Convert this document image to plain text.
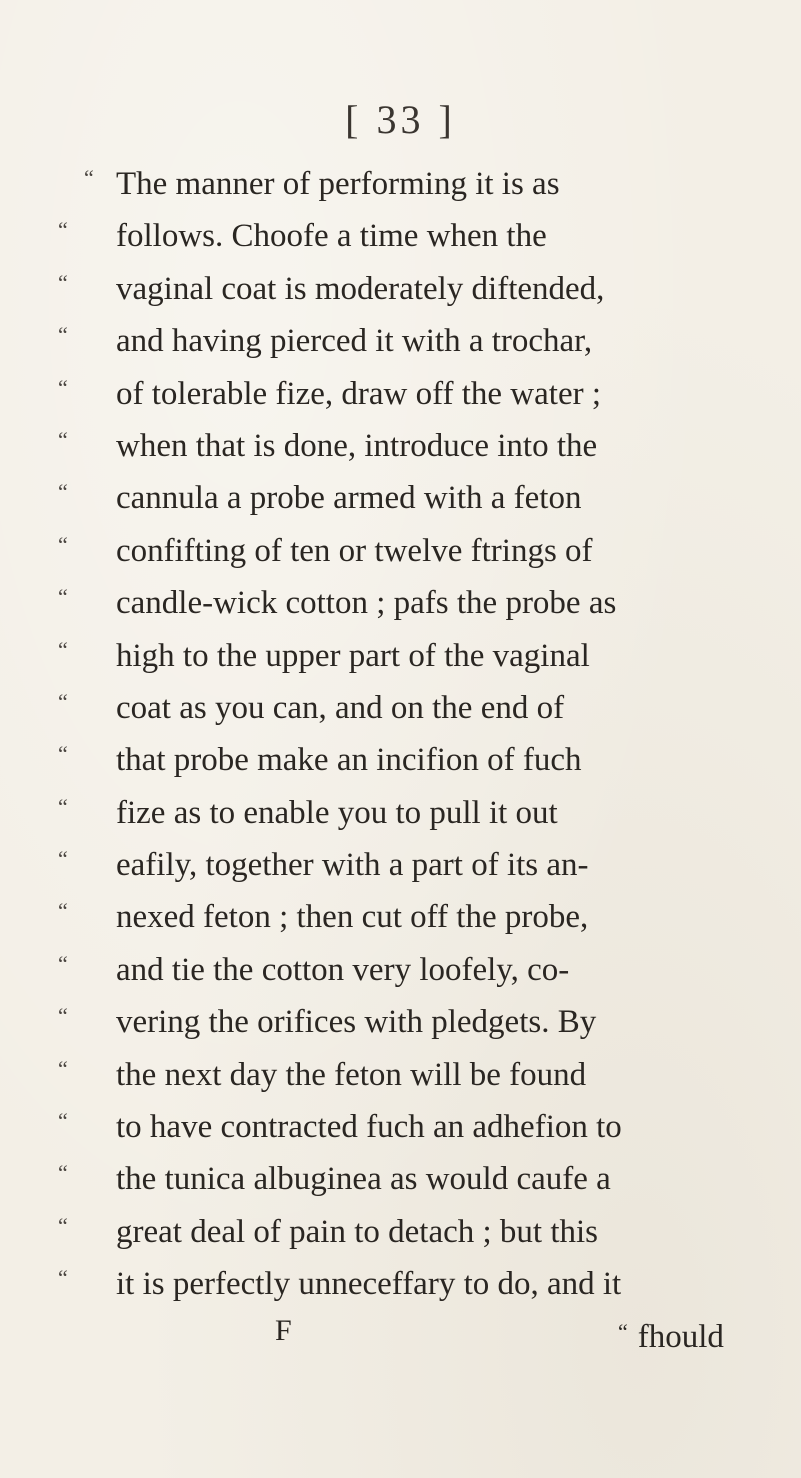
[ 33 ]
“ The manner of performing it is as
“ follows. Choofe a time when the
“ vaginal coat is moderately diftended,
“ and having pierced it with a trochar,
“ of tolerable fize, draw off the water ;
“ when that is done, introduce into the
“ cannula a probe armed with a feton
“ confifting of ten or twelve ftrings of
“ candle-wick cotton ; pafs the probe as
“ high to the upper part of the vaginal
“ coat as you can, and on the end of
“ that probe make an incifion of fuch
“ fize as to enable you to pull it out
“ eafily, together with a part of its an-
“ nexed feton ; then cut off the probe,
“ and tie the cotton very loofely, co-
“ vering the orifices with pledgets. By
“ the next day the feton will be found
“ to have contracted fuch an adhefion to
“ the tunica albuginea as would caufe a
“ great deal of pain to detach ; but this
“ it is perfectly unneceffary to do, and it
F	“ fhould
